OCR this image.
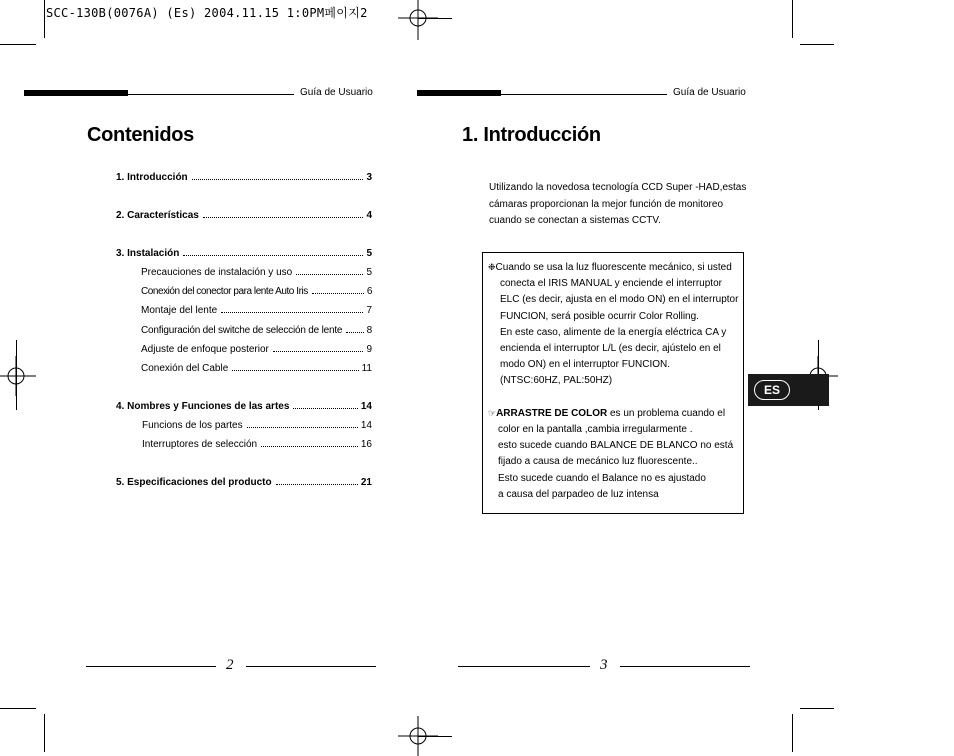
SCC-130B(0076A) (Es) 2004.11.15 1:0PM페이지2
Guía de Usuario
Contenidos
1. Introducción	3
2. Características	4
3. Instalación	5
Precauciones de instalación y uso	5
Conexión del conector para lente Auto Iris	6
Montaje del lente	7
Configuración del switche de selección de lente 8
Adjuste de enfoque posterior	9
Conexión del Cable	11
4. Nombres y Funciones de las artes	14
Funcions de los partes	14
Interruptores de selección	16
5. Especificaciones del producto	21
2
Guía de Usuario
1. Introducción

Utilizando la novedosa tecnología CCD Super -HAD,estas

cámaras proporcionan la mejor función de monitoreo

cuando se conectan a sistemas CCTV.

❉Cuando se usa la luz fluorescente mecánico, si usted
conecta el IRIS MANUAL y enciende el interruptor
ELC (es decir, ajusta en el modo ON) en el interruptor
FUNCION, será posible ocurrir Color Rolling.
En este caso, alimente de la energía eléctrica CA y
encienda el interruptor L/L (es decir, ajústelo en el
modo ON) en el interruptor FUNCION.
(NTSC:60HZ, PAL:50HZ)

☞ARRASTRE DE COLOR es un problema cuando el
color en la pantalla ,cambia irregularmente .
esto sucede cuando BALANCE DE BLANCO no está
fijado a causa de mecánico luz fluorescente..
Esto sucede cuando el Balance no es ajustado
a causa del parpadeo de luz intensa
ES
3
